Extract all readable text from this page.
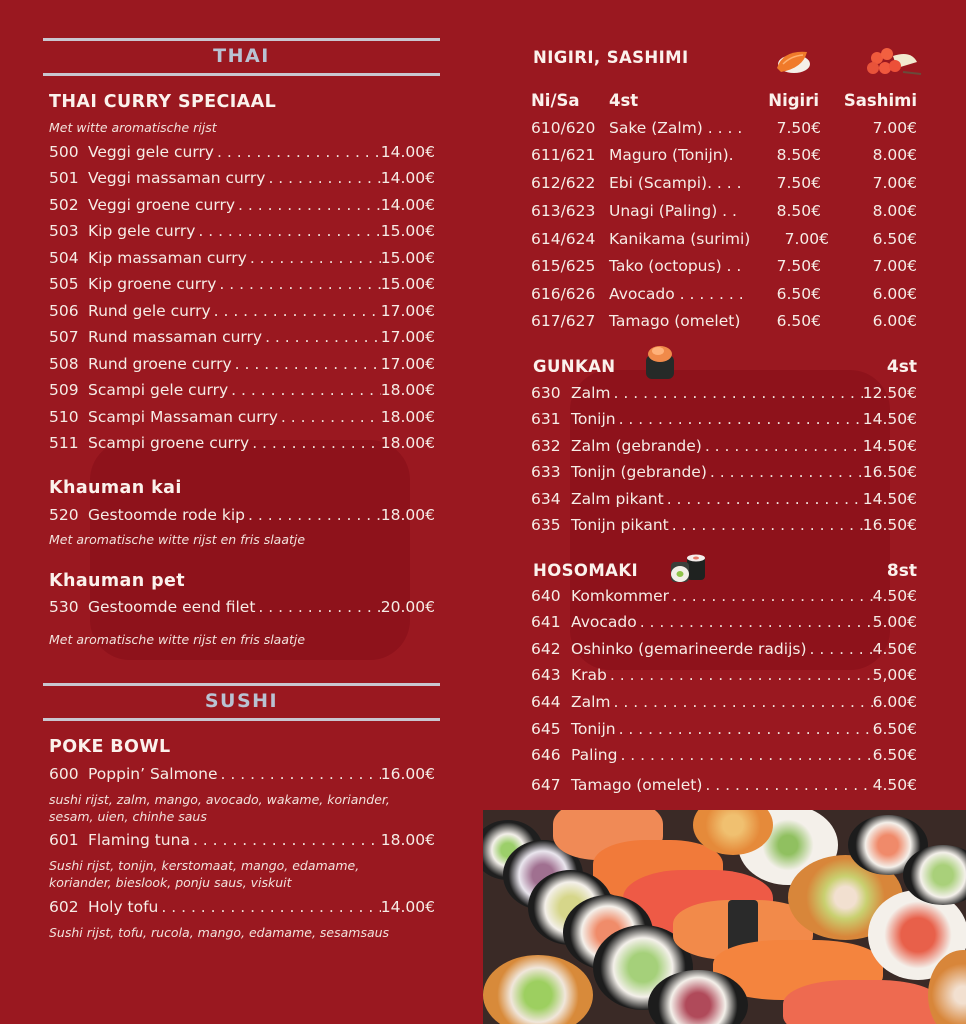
THAI
THAI CURRY SPECIAAL
Met witte aromatische rijst
500 Veggi gele curry . . .	14.00€
501 Veggi massaman curry . . .	14.00€
502 Veggi groene curry . . .	14.00€
503 Kip gele curry . . .	15.00€
504 Kip massaman curry . . .	15.00€
505 Kip groene curry . . .	15.00€
506 Rund gele curry . . .	17.00€
507 Rund massaman curry . . .	17.00€
508 Rund groene curry . . .	17.00€
509 Scampi gele curry . . .	18.00€
510 Scampi Massaman curry . . .	18.00€
511 Scampi groene curry . . .	18.00€
Khauman kai
520 Gestoomde rode kip . . .	18.00€
Met aromatische witte rijst en fris slaatje
Khauman pet
530 Gestoomde eend filet . . .	20.00€
Met aromatische witte rijst en fris slaatje
SUSHI
POKE BOWL
600 Poppin’ Salmone . . .	16.00€
sushi rijst, zalm, mango, avocado, wakame, koriander,
sesam, uien, chinhe saus
601 Flaming tuna . . .	18.00€
Sushi rijst, tonijn, kerstomaat, mango, edamame,
koriander, bieslook, ponju saus, viskuit
602 Holy tofu . . .	14.00€
Sushi rijst, tofu, rucola, mango, edamame, sesamsaus
NIGIRI, SASHIMI
Ni/Sa 4st	Nigiri Sashimi
610/620 Sake (Zalm) . . . . 7.50€	7.00€
611/621 Maguro (Tonijn).	8.50€	8.00€
612/622 Ebi (Scampi). . . . 7.50€	7.00€
613/623 Unagi (Paling) . .	8.50€	8.00€
614/624 Kanikama (surimi) 7.00€	6.50€
615/625 Tako (octopus) . . 7.50€	7.00€
616/626 Avocado . . . . . . . 6.50€	6.00€
617/627 Tamago (omelet) 6.50€	6.00€
GUNKAN	4st
630 Zalm . . .	12.50€
631 Tonijn . . .	14.50€
632 Zalm (gebrande) . . .	14.50€
633 Tonijn (gebrande) . . .	16.50€
634 Zalm pikant . . .	14.50€
635 Tonijn pikant . . .	16.50€
HOSOMAKI	8st
640 Komkommer . . .	4.50€
641 Avocado . . .	5.00€
642 Oshinko (gemarineerde radijs) . . .	4.50€
643 Krab . . .	5,00€
644 Zalm . . .	6.00€
645 Tonijn . . .	6.50€
646 Paling . . .	6.50€
647 Tamago (omelet) . . .	4.50€
